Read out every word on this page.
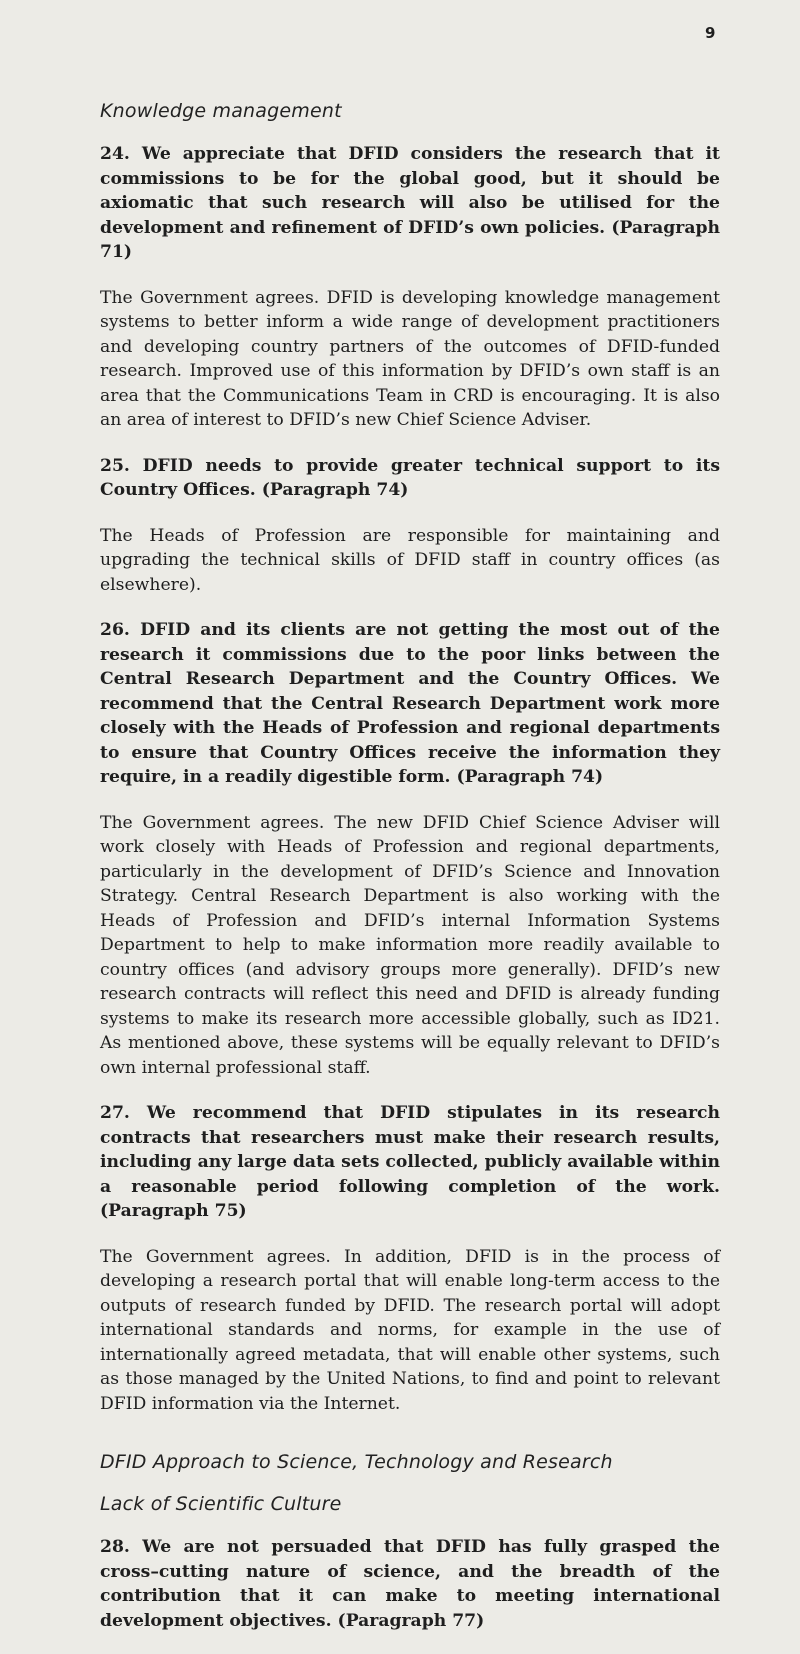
9
Knowledge management

24. We appreciate that DFID considers the research that it commissions to be for the global good, but it should be axiomatic that such research will also be utilised for the development and refinement of DFID’s own policies. (Paragraph 71)

The Government agrees. DFID is developing knowledge management systems to better inform a wide range of development practitioners and developing country partners of the outcomes of DFID-funded research. Improved use of this information by DFID’s own staff is an area that the Communications Team in CRD is encouraging. It is also an area of interest to DFID’s new Chief Science Adviser.

25. DFID needs to provide greater technical support to its Country Offices. (Paragraph 74)

The Heads of Profession are responsible for maintaining and upgrading the technical skills of DFID staff in country offices (as elsewhere).

26. DFID and its clients are not getting the most out of the research it commissions due to the poor links between the Central Research Department and the Country Offices. We recommend that the Central Research Department work more closely with the Heads of Profession and regional departments to ensure that Country Offices receive the information they require, in a readily digestible form. (Paragraph 74)

The Government agrees. The new DFID Chief Science Adviser will work closely with Heads of Profession and regional departments, particularly in the development of DFID’s Science and Innovation Strategy. Central Research Department is also working with the Heads of Profession and DFID’s internal Information Systems Department to help to make information more readily available to country offices (and advisory groups more generally). DFID’s new research contracts will reflect this need and DFID is already funding systems to make its research more accessible globally, such as ID21. As mentioned above, these systems will be equally relevant to DFID’s own internal professional staff.

27. We recommend that DFID stipulates in its research contracts that researchers must make their research results, including any large data sets collected, publicly available within a reasonable period following completion of the work. (Paragraph 75)

The Government agrees. In addition, DFID is in the process of developing a research portal that will enable long-term access to the outputs of research funded by DFID. The research portal will adopt international standards and norms, for example in the use of internationally agreed metadata, that will enable other systems, such as those managed by the United Nations, to find and point to relevant DFID information via the Internet.

DFID Approach to Science, Technology and Research
Lack of Scientific Culture

28. We are not persuaded that DFID has fully grasped the cross–cutting nature of science, and the breadth of the contribution that it can make to meeting international development objectives. (Paragraph 77)
